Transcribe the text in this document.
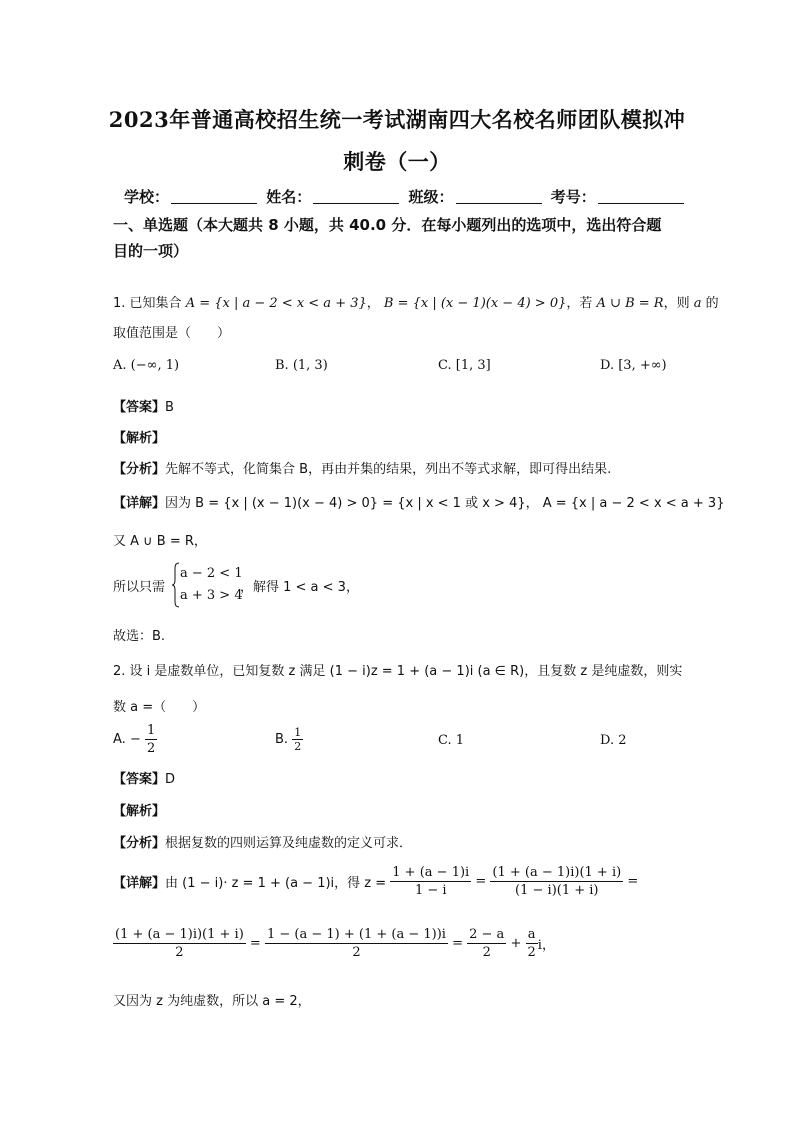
2023年普通高校招生统一考试湖南四大名校名师团队模拟冲
刺卷（一）
学校：	姓名：	班级：	考号：
一、单选题（本大题共 8 小题，共 40.0 分．在每小题列出的选项中，选出符合题
目的一项）
1. 已知集合 A = {x | a − 2 < x < a + 3}， B = {x | (x − 1)(x − 4) > 0}，若 A ∪ B = R，则 a 的
取值范围是（　　）
A. (−∞, 1)	B. (1, 3)	C. [1, 3]	D. [3, +∞)
【答案】B
【解析】
【分析】先解不等式，化简集合 B，再由并集的结果，列出不等式求解，即可得出结果.
【详解】因为 B = {x | (x − 1)(x − 4) > 0} = {x | x < 1 或 x > 4}， A = {x | a − 2 < x < a + 3}
又 A ∪ B = R，
所以只需
a − 2 < 1
a + 3 > 4
，解得 1 < a < 3，
故选：B.
2. 设 i 是虚数单位，已知复数 z 满足 (1 − i)z = 1 + (a − 1)i (a ∈ R)，且复数 z 是纯虚数，则实
数 a =（　　）
A. − $\frac{1}{2}$	B. $\frac{1}{2}$	C. 1	D. 2
【答案】D
【解析】
【分析】根据复数的四则运算及纯虚数的定义可求．
【详解】由 (1 − i)· z = 1 + (a − 1)i，得 $z = \frac{1 + (a - 1)i}{1 - i} = \frac{(1 + (a - 1)i)(1 + i)}{(1 - i)(1 + i)}$ =
$\frac{(1 + (a - 1)i)(1 + i)}{2} = \frac{1 - (a - 1) + (1 + (a - 1))i}{2} = \frac{2 - a}{2} + \frac{a}{2}$ i，
又因为 z 为纯虚数，所以 a = 2，
